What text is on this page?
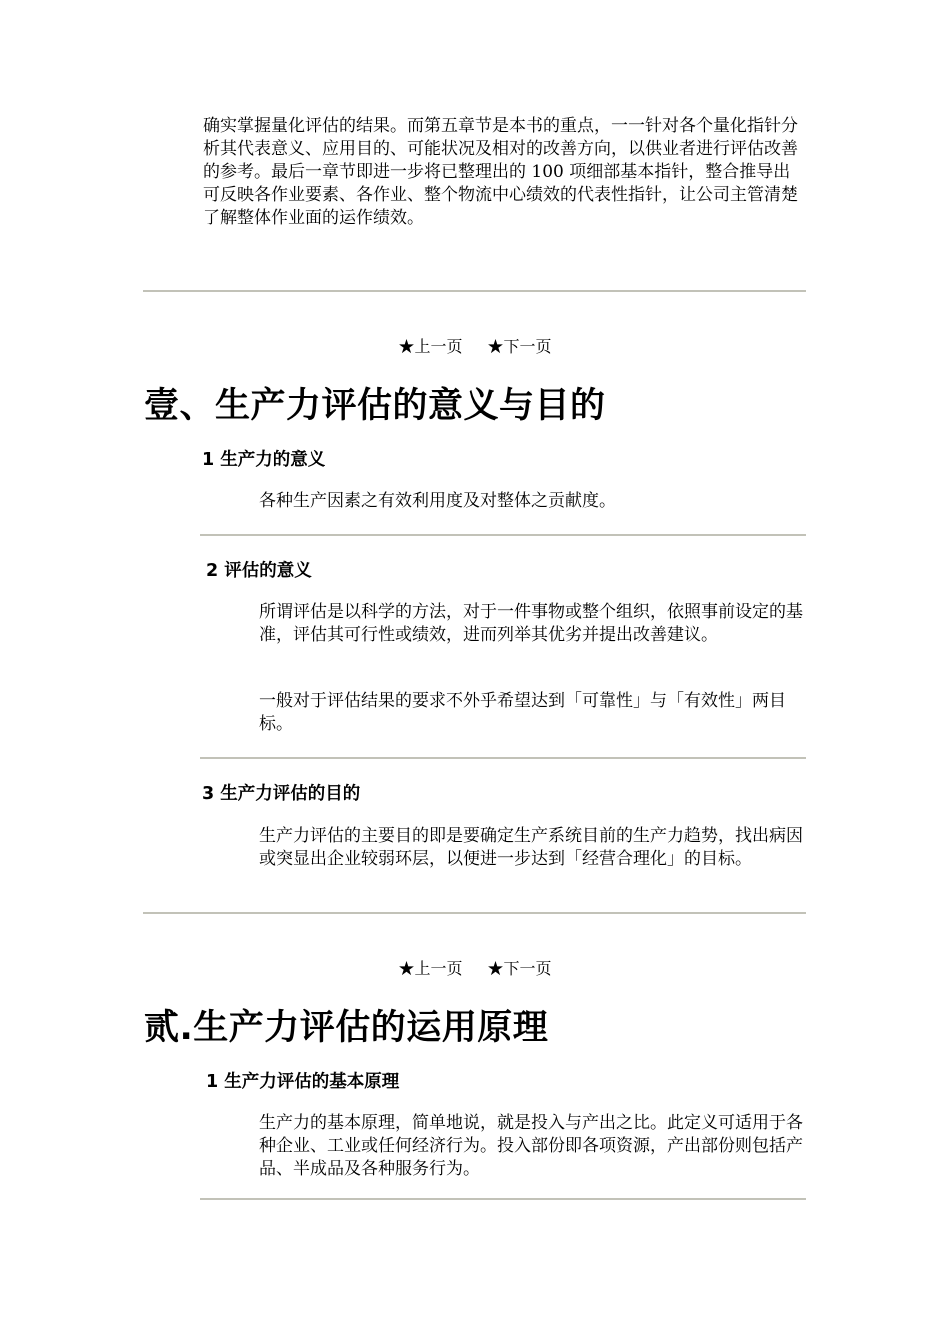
确实掌握量化评估的结果。而第五章节是本书的重点，一一针对各个量化指针分析其代表意义、应用目的、可能状况及相对的改善方向，以供业者进行评估改善的参考。最后一章节即进一步将已整理出的 100 项细部基本指针，整合推导出可反映各作业要素、各作业、整个物流中心绩效的代表性指针，让公司主管清楚了解整体作业面的运作绩效。
★上一页 ★下一页
壹、生产力评估的意义与目的
1 生产力的意义
各种生产因素之有效利用度及对整体之贡献度。
2 评估的意义
所谓评估是以科学的方法，对于一件事物或整个组织，依照事前设定的基准，评估其可行性或绩效，进而列举其优劣并提出改善建议。
一般对于评估结果的要求不外乎希望达到「可靠性」与「有效性」两目标。
3 生产力评估的目的
生产力评估的主要目的即是要确定生产系统目前的生产力趋势，找出病因或突显出企业较弱环层，以便进一步达到「经营合理化」的目标。
★上一页 ★下一页
贰.生产力评估的运用原理
1 生产力评估的基本原理
生产力的基本原理，简单地说，就是投入与产出之比。此定义可适用于各种企业、工业或任何经济行为。投入部份即各项资源，产出部份则包括产品、半成品及各种服务行为。
